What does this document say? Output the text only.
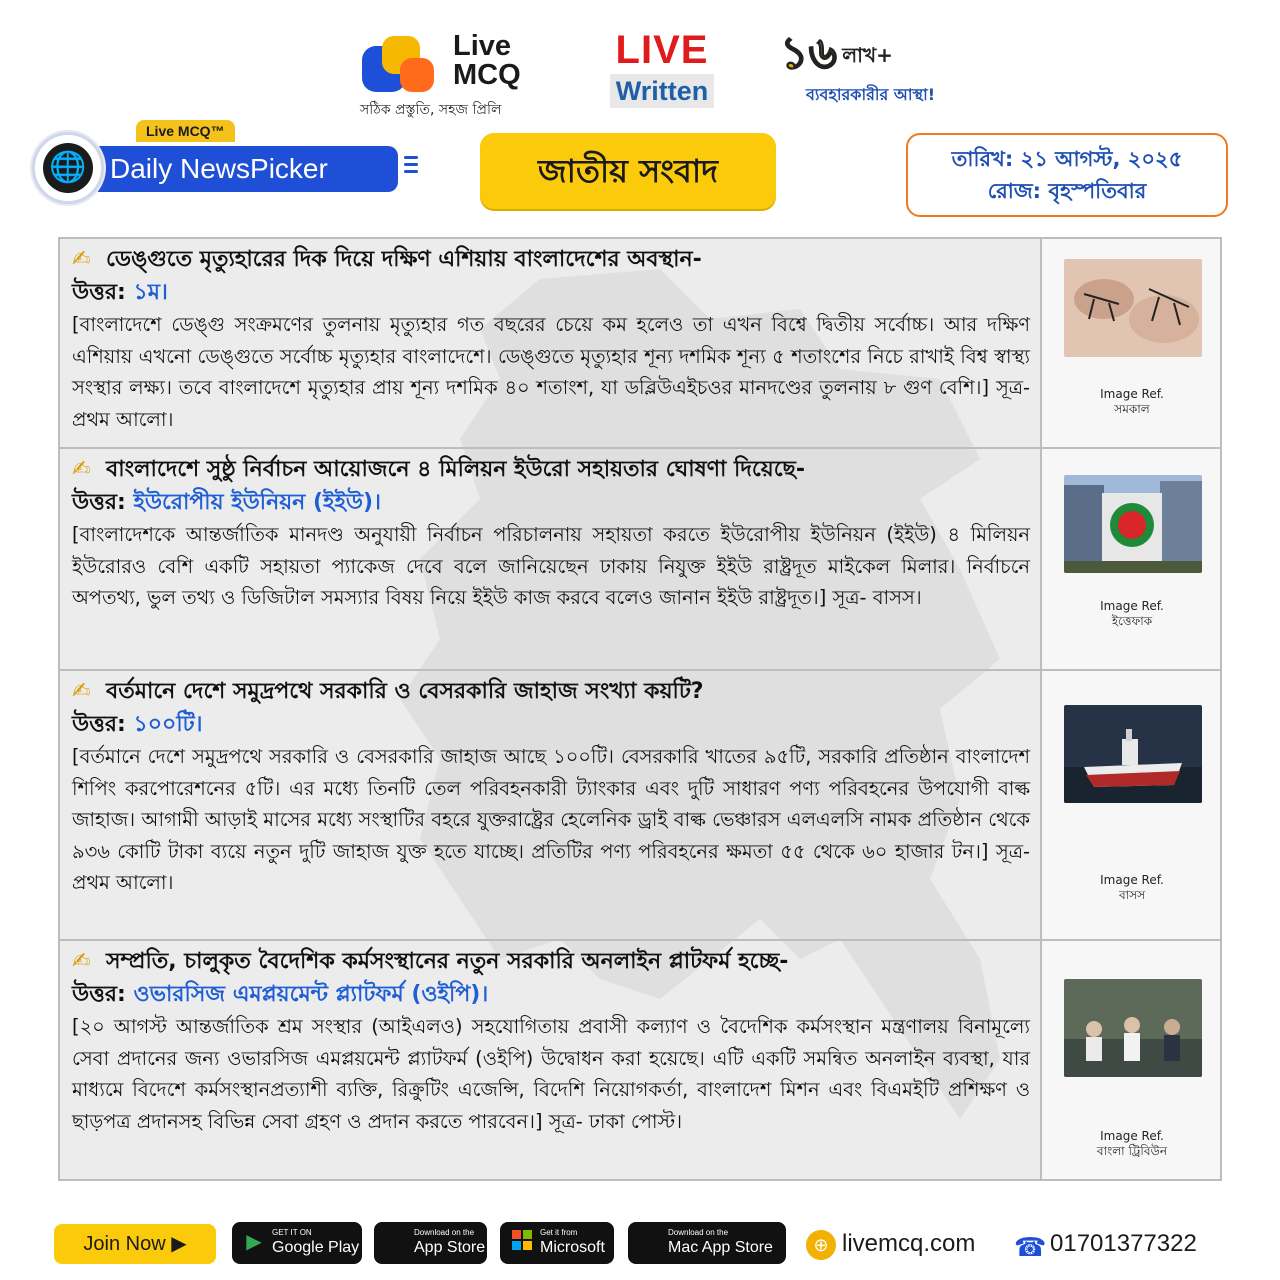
Live
MCQ
সঠিক প্রস্তুতি, সহজ প্রিলি
LIVE
Written
১৬ লাখ+
ব্যবহারকারীর আস্থা!
Daily NewsPicker
Live MCQ™
🌐	জাতীয় সংবাদ	তারিখ: ২১ আগস্ট, ২০২৫
রোজ: বৃহস্পতিবার
✍ ডেঙ্গুতে মৃত্যুহারের দিক দিয়ে দক্ষিণ এশিয়ায় বাংলাদেশের অবস্থান-
উত্তর: ১ম।
[বাংলাদেশে ডেঙ্গু সংক্রমণের তুলনায় মৃত্যুহার গত বছরের চেয়ে কম হলেও তা এখন বিশ্বে দ্বিতীয় সর্বোচ্চ। আর দক্ষিণ এশিয়ায় এখনো ডেঙ্গুতে সর্বোচ্চ মৃত্যুহার বাংলাদেশে। ডেঙ্গুতে মৃত্যুহার শূন্য দশমিক শূন্য ৫ শতাংশের নিচে রাখাই বিশ্ব স্বাস্থ্য সংস্থার লক্ষ্য। তবে বাংলাদেশে মৃত্যুহার প্রায় শূন্য দশমিক ৪০ শতাংশ, যা ডব্লিউএইচওর মানদণ্ডের তুলনায় ৮ গুণ বেশি।] সূত্র- প্রথম আলো।
Image Ref.
সমকাল
✍ বাংলাদেশে সুষ্ঠু নির্বাচন আয়োজনে ৪ মিলিয়ন ইউরো সহায়তার ঘোষণা দিয়েছে-
উত্তর: ইউরোপীয় ইউনিয়ন (ইইউ)।
[বাংলাদেশকে আন্তর্জাতিক মানদণ্ড অনুযায়ী নির্বাচন পরিচালনায় সহায়তা করতে ইউরোপীয় ইউনিয়ন (ইইউ) ৪ মিলিয়ন ইউরোরও বেশি একটি সহায়তা প্যাকেজ দেবে বলে জানিয়েছেন ঢাকায় নিযুক্ত ইইউ রাষ্ট্রদূত মাইকেল মিলার। নির্বাচনে অপতথ্য, ভুল তথ্য ও ডিজিটাল সমস্যার বিষয় নিয়ে ইইউ কাজ করবে বলেও জানান ইইউ রাষ্ট্রদূত।] সূত্র- বাসস।	Image Ref.
ইত্তেফাক
✍ বর্তমানে দেশে সমুদ্রপথে সরকারি ও বেসরকারি জাহাজ সংখ্যা কয়টি?
উত্তর: ১০০টি।
[বর্তমানে দেশে সমুদ্রপথে সরকারি ও বেসরকারি জাহাজ আছে ১০০টি। বেসরকারি খাতের ৯৫টি, সরকারি প্রতিষ্ঠান বাংলাদেশ শিপিং করপোরেশনের ৫টি। এর মধ্যে তিনটি তেল পরিবহনকারী ট্যাংকার এবং দুটি সাধারণ পণ্য পরিবহনের উপযোগী বাল্ক জাহাজ। আগামী আড়াই মাসের মধ্যে সংস্থাটির বহরে যুক্তরাষ্ট্রের হেলেনিক ড্রাই বাল্ক ভেঞ্চারস এলএলসি নামক প্রতিষ্ঠান থেকে ৯৩৬ কোটি টাকা ব্যয়ে নতুন দুটি জাহাজ যুক্ত হতে যাচ্ছে। প্রতিটির পণ্য পরিবহনের ক্ষমতা ৫৫ থেকে ৬০ হাজার টন।] সূত্র- প্রথম আলো।	Image Ref.
বাসস
✍ সম্প্রতি, চালুকৃত বৈদেশিক কর্মসংস্থানের নতুন সরকারি অনলাইন প্লাটফর্ম হচ্ছে-
উত্তর: ওভারসিজ এমপ্লয়মেন্ট প্ল্যাটফর্ম (ওইপি)।
[২০ আগস্ট আন্তর্জাতিক শ্রম সংস্থার (আইএলও) সহযোগিতায় প্রবাসী কল্যাণ ও বৈদেশিক কর্মসংস্থান মন্ত্রণালয় বিনামূল্যে সেবা প্রদানের জন্য ওভারসিজ এমপ্লয়মেন্ট প্ল্যাটফর্ম (ওইপি) উদ্বোধন করা হয়েছে। এটি একটি সমন্বিত অনলাইন ব্যবস্থা, যার মাধ্যমে বিদেশে কর্মসংস্থানপ্রত্যাশী ব্যক্তি, রিক্রুটিং এজেন্সি, বিদেশি নিয়োগকর্তা, বাংলাদেশ মিশন এবং বিএমইটি প্রশিক্ষণ ও ছাড়পত্র প্রদানসহ বিভিন্ন সেবা গ্রহণ ও প্রদান করতে পারবেন।] সূত্র- ঢাকা পোস্ট।
Image Ref.
বাংলা ট্রিবিউন
Join Now ▶	▶	GET IT ON
Google Play
Download on the
App Store
Get it from
Microsoft
Download on the
Mac App Store	⊕ livemcq.com ☎ 01701377322
